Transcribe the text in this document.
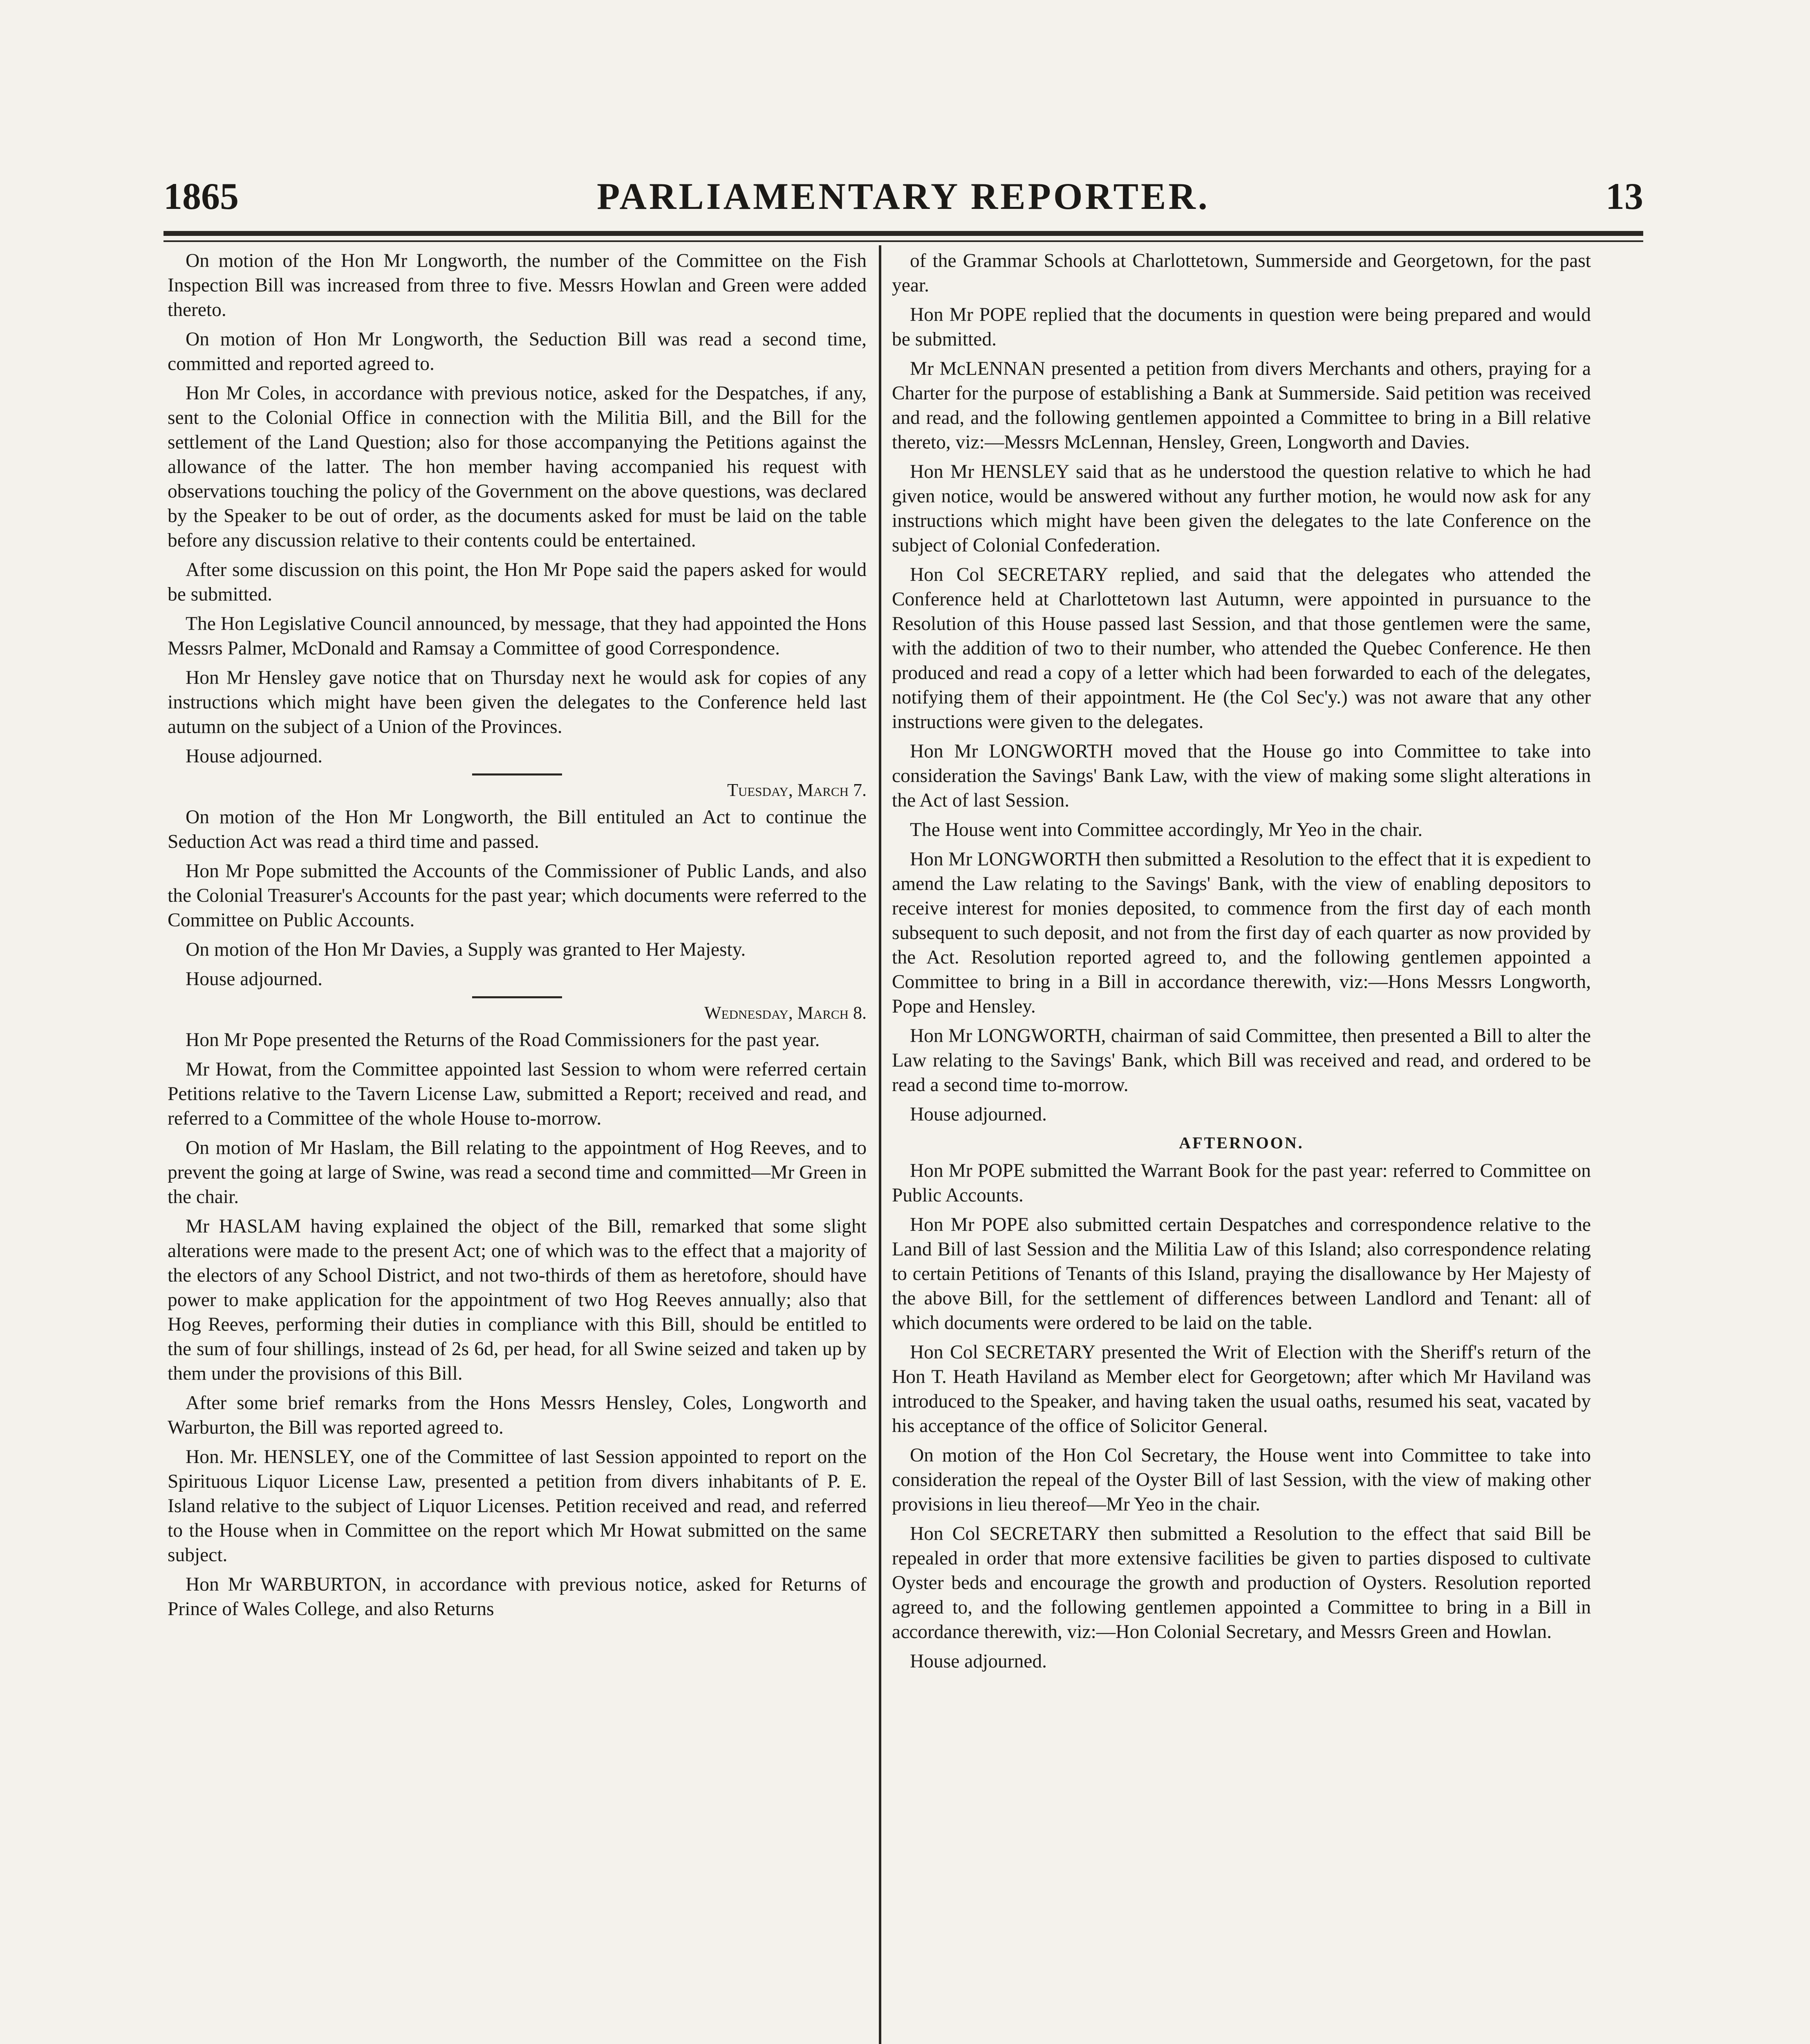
1865	PARLIAMENTARY REPORTER.	13

On motion of the Hon Mr Longworth, the number of the Committee on the Fish Inspection Bill was increased from three to five. Messrs Howlan and Green were added thereto.

On motion of Hon Mr Longworth, the Seduction Bill was read a second time, committed and reported agreed to.

Hon Mr Coles, in accordance with previous notice, asked for the Despatches, if any, sent to the Colonial Office in connection with the Militia Bill, and the Bill for the settlement of the Land Question; also for those accompanying the Petitions against the allowance of the latter. The hon member having accompanied his request with observations touching the policy of the Government on the above questions, was declared by the Speaker to be out of order, as the documents asked for must be laid on the table before any discussion relative to their contents could be entertained.

After some discussion on this point, the Hon Mr Pope said the papers asked for would be submitted.

The Hon Legislative Council announced, by message, that they had appointed the Hons Messrs Palmer, McDonald and Ramsay a Committee of good Correspondence.

Hon Mr Hensley gave notice that on Thursday next he would ask for copies of any instructions which might have been given the delegates to the Conference held last autumn on the subject of a Union of the Provinces.

House adjourned.

Tuesday, March 7.

On motion of the Hon Mr Longworth, the Bill entituled an Act to continue the Seduction Act was read a third time and passed.

Hon Mr Pope submitted the Accounts of the Commissioner of Public Lands, and also the Colonial Treasurer's Accounts for the past year; which documents were referred to the Committee on Public Accounts.

On motion of the Hon Mr Davies, a Supply was granted to Her Majesty.

House adjourned.

Wednesday, March 8.

Hon Mr Pope presented the Returns of the Road Commissioners for the past year.

Mr Howat, from the Committee appointed last Session to whom were referred certain Petitions relative to the Tavern License Law, submitted a Report; received and read, and referred to a Committee of the whole House to-morrow.

On motion of Mr Haslam, the Bill relating to the appointment of Hog Reeves, and to prevent the going at large of Swine, was read a second time and committed—Mr Green in the chair.

Mr HASLAM having explained the object of the Bill, remarked that some slight alterations were made to the present Act; one of which was to the effect that a majority of the electors of any School District, and not two-thirds of them as heretofore, should have power to make application for the appointment of two Hog Reeves annually; also that Hog Reeves, performing their duties in compliance with this Bill, should be entitled to the sum of four shillings, instead of 2s 6d, per head, for all Swine seized and taken up by them under the provisions of this Bill.

After some brief remarks from the Hons Messrs Hensley, Coles, Longworth and Warburton, the Bill was reported agreed to.

Hon. Mr. HENSLEY, one of the Committee of last Session appointed to report on the Spirituous Liquor License Law, presented a petition from divers inhabitants of P. E. Island relative to the subject of Liquor Licenses. Petition received and read, and referred to the House when in Committee on the report which Mr Howat submitted on the same subject.

Hon Mr WARBURTON, in accordance with previous notice, asked for Returns of Prince of Wales College, and also Returns

of the Grammar Schools at Charlottetown, Summerside and Georgetown, for the past year.

Hon Mr POPE replied that the documents in question were being prepared and would be submitted.

Mr McLENNAN presented a petition from divers Merchants and others, praying for a Charter for the purpose of establishing a Bank at Summerside. Said petition was received and read, and the following gentlemen appointed a Committee to bring in a Bill relative thereto, viz:—Messrs McLennan, Hensley, Green, Longworth and Davies.

Hon Mr HENSLEY said that as he understood the question relative to which he had given notice, would be answered without any further motion, he would now ask for any instructions which might have been given the delegates to the late Conference on the subject of Colonial Confederation.

Hon Col SECRETARY replied, and said that the delegates who attended the Conference held at Charlottetown last Autumn, were appointed in pursuance to the Resolution of this House passed last Session, and that those gentlemen were the same, with the addition of two to their number, who attended the Quebec Conference. He then produced and read a copy of a letter which had been forwarded to each of the delegates, notifying them of their appointment. He (the Col Sec'y.) was not aware that any other instructions were given to the delegates.

Hon Mr LONGWORTH moved that the House go into Committee to take into consideration the Savings' Bank Law, with the view of making some slight alterations in the Act of last Session.

The House went into Committee accordingly, Mr Yeo in the chair.

Hon Mr LONGWORTH then submitted a Resolution to the effect that it is expedient to amend the Law relating to the Savings' Bank, with the view of enabling depositors to receive interest for monies deposited, to commence from the first day of each month subsequent to such deposit, and not from the first day of each quarter as now provided by the Act. Resolution reported agreed to, and the following gentlemen appointed a Committee to bring in a Bill in accordance therewith, viz:—Hons Messrs Longworth, Pope and Hensley.

Hon Mr LONGWORTH, chairman of said Committee, then presented a Bill to alter the Law relating to the Savings' Bank, which Bill was received and read, and ordered to be read a second time to-morrow.

House adjourned.

AFTERNOON.

Hon Mr POPE submitted the Warrant Book for the past year: referred to Committee on Public Accounts.

Hon Mr POPE also submitted certain Despatches and correspondence relative to the Land Bill of last Session and the Militia Law of this Island; also correspondence relating to certain Petitions of Tenants of this Island, praying the disallowance by Her Majesty of the above Bill, for the settlement of differences between Landlord and Tenant: all of which documents were ordered to be laid on the table.

Hon Col SECRETARY presented the Writ of Election with the Sheriff's return of the Hon T. Heath Haviland as Member elect for Georgetown; after which Mr Haviland was introduced to the Speaker, and having taken the usual oaths, resumed his seat, vacated by his acceptance of the office of Solicitor General.

On motion of the Hon Col Secretary, the House went into Committee to take into consideration the repeal of the Oyster Bill of last Session, with the view of making other provisions in lieu thereof—Mr Yeo in the chair.

Hon Col SECRETARY then submitted a Resolution to the effect that said Bill be repealed in order that more extensive facilities be given to parties disposed to cultivate Oyster beds and encourage the growth and production of Oysters. Resolution reported agreed to, and the following gentlemen appointed a Committee to bring in a Bill in accordance therewith, viz:—Hon Colonial Secretary, and Messrs Green and Howlan.

House adjourned.
